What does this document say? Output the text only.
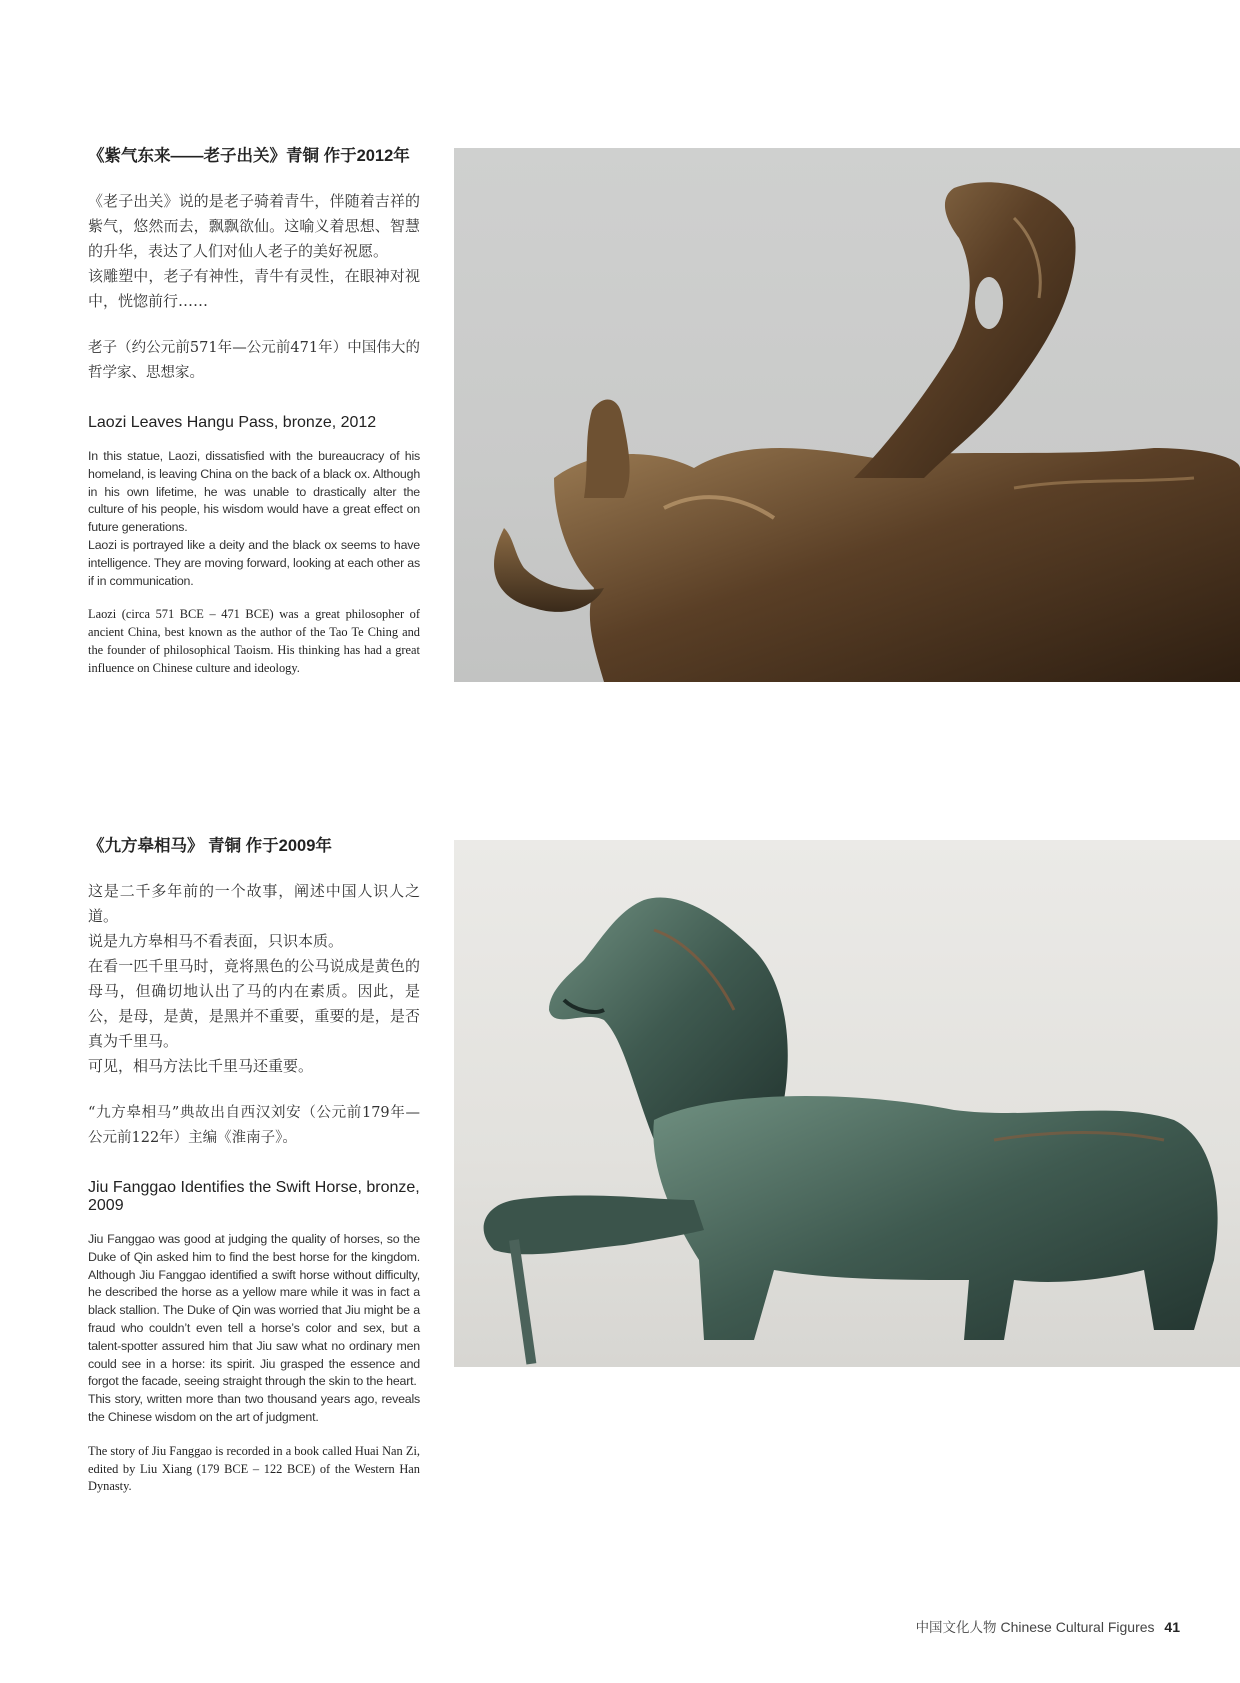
《紫气东来——老子出关》青铜 作于2012年

《老子出关》说的是老子骑着青牛，伴随着吉祥的紫气，悠然而去，飘飘欲仙。这喻义着思想、智慧的升华，表达了人们对仙人老子的美好祝愿。

该雕塑中，老子有神性，青牛有灵性，在眼神对视中，恍惚前行……

老子（约公元前571年—公元前471年）中国伟大的哲学家、思想家。

Laozi Leaves Hangu Pass, bronze, 2012

In this statue, Laozi, dissatisfied with the bureaucracy of his homeland, is leaving China on the back of a black ox. Although in his own lifetime, he was unable to drastically alter the culture of his people, his wisdom would have a great effect on future generations.

Laozi is portrayed like a deity and the black ox seems to have intelligence. They are moving forward, looking at each other as if in communication.

Laozi (circa 571 BCE – 471 BCE) was a great philosopher of ancient China, best known as the author of the Tao Te Ching and the founder of philosophical Taoism. His thinking has had a great influence on Chinese culture and ideology.

《九方皋相马》 青铜 作于2009年

这是二千多年前的一个故事，阐述中国人识人之道。

说是九方皋相马不看表面，只识本质。

在看一匹千里马时，竟将黑色的公马说成是黄色的母马，但确切地认出了马的内在素质。因此，是公，是母，是黄，是黑并不重要，重要的是，是否真为千里马。

可见，相马方法比千里马还重要。

“九方皋相马”典故出自西汉刘安（公元前179年—公元前122年）主编《淮南子》。

Jiu Fanggao Identifies the Swift Horse, bronze, 2009

Jiu Fanggao was good at judging the quality of horses, so the Duke of Qin asked him to find the best horse for the kingdom. Although Jiu Fanggao identified a swift horse without difficulty, he described the horse as a yellow mare while it was in fact a black stallion. The Duke of Qin was worried that Jiu might be a fraud who couldn’t even tell a horse’s color and sex, but a talent-spotter assured him that Jiu saw what no ordinary men could see in a horse: its spirit. Jiu grasped the essence and forgot the facade, seeing straight through the skin to the heart.

This story, written more than two thousand years ago, reveals the Chinese wisdom on the art of judgment.

The story of Jiu Fanggao is recorded in a book called Huai Nan Zi, edited by Liu Xiang (179 BCE – 122 BCE) of the Western Han Dynasty.

中国文化人物 Chinese Cultural Figures 41
